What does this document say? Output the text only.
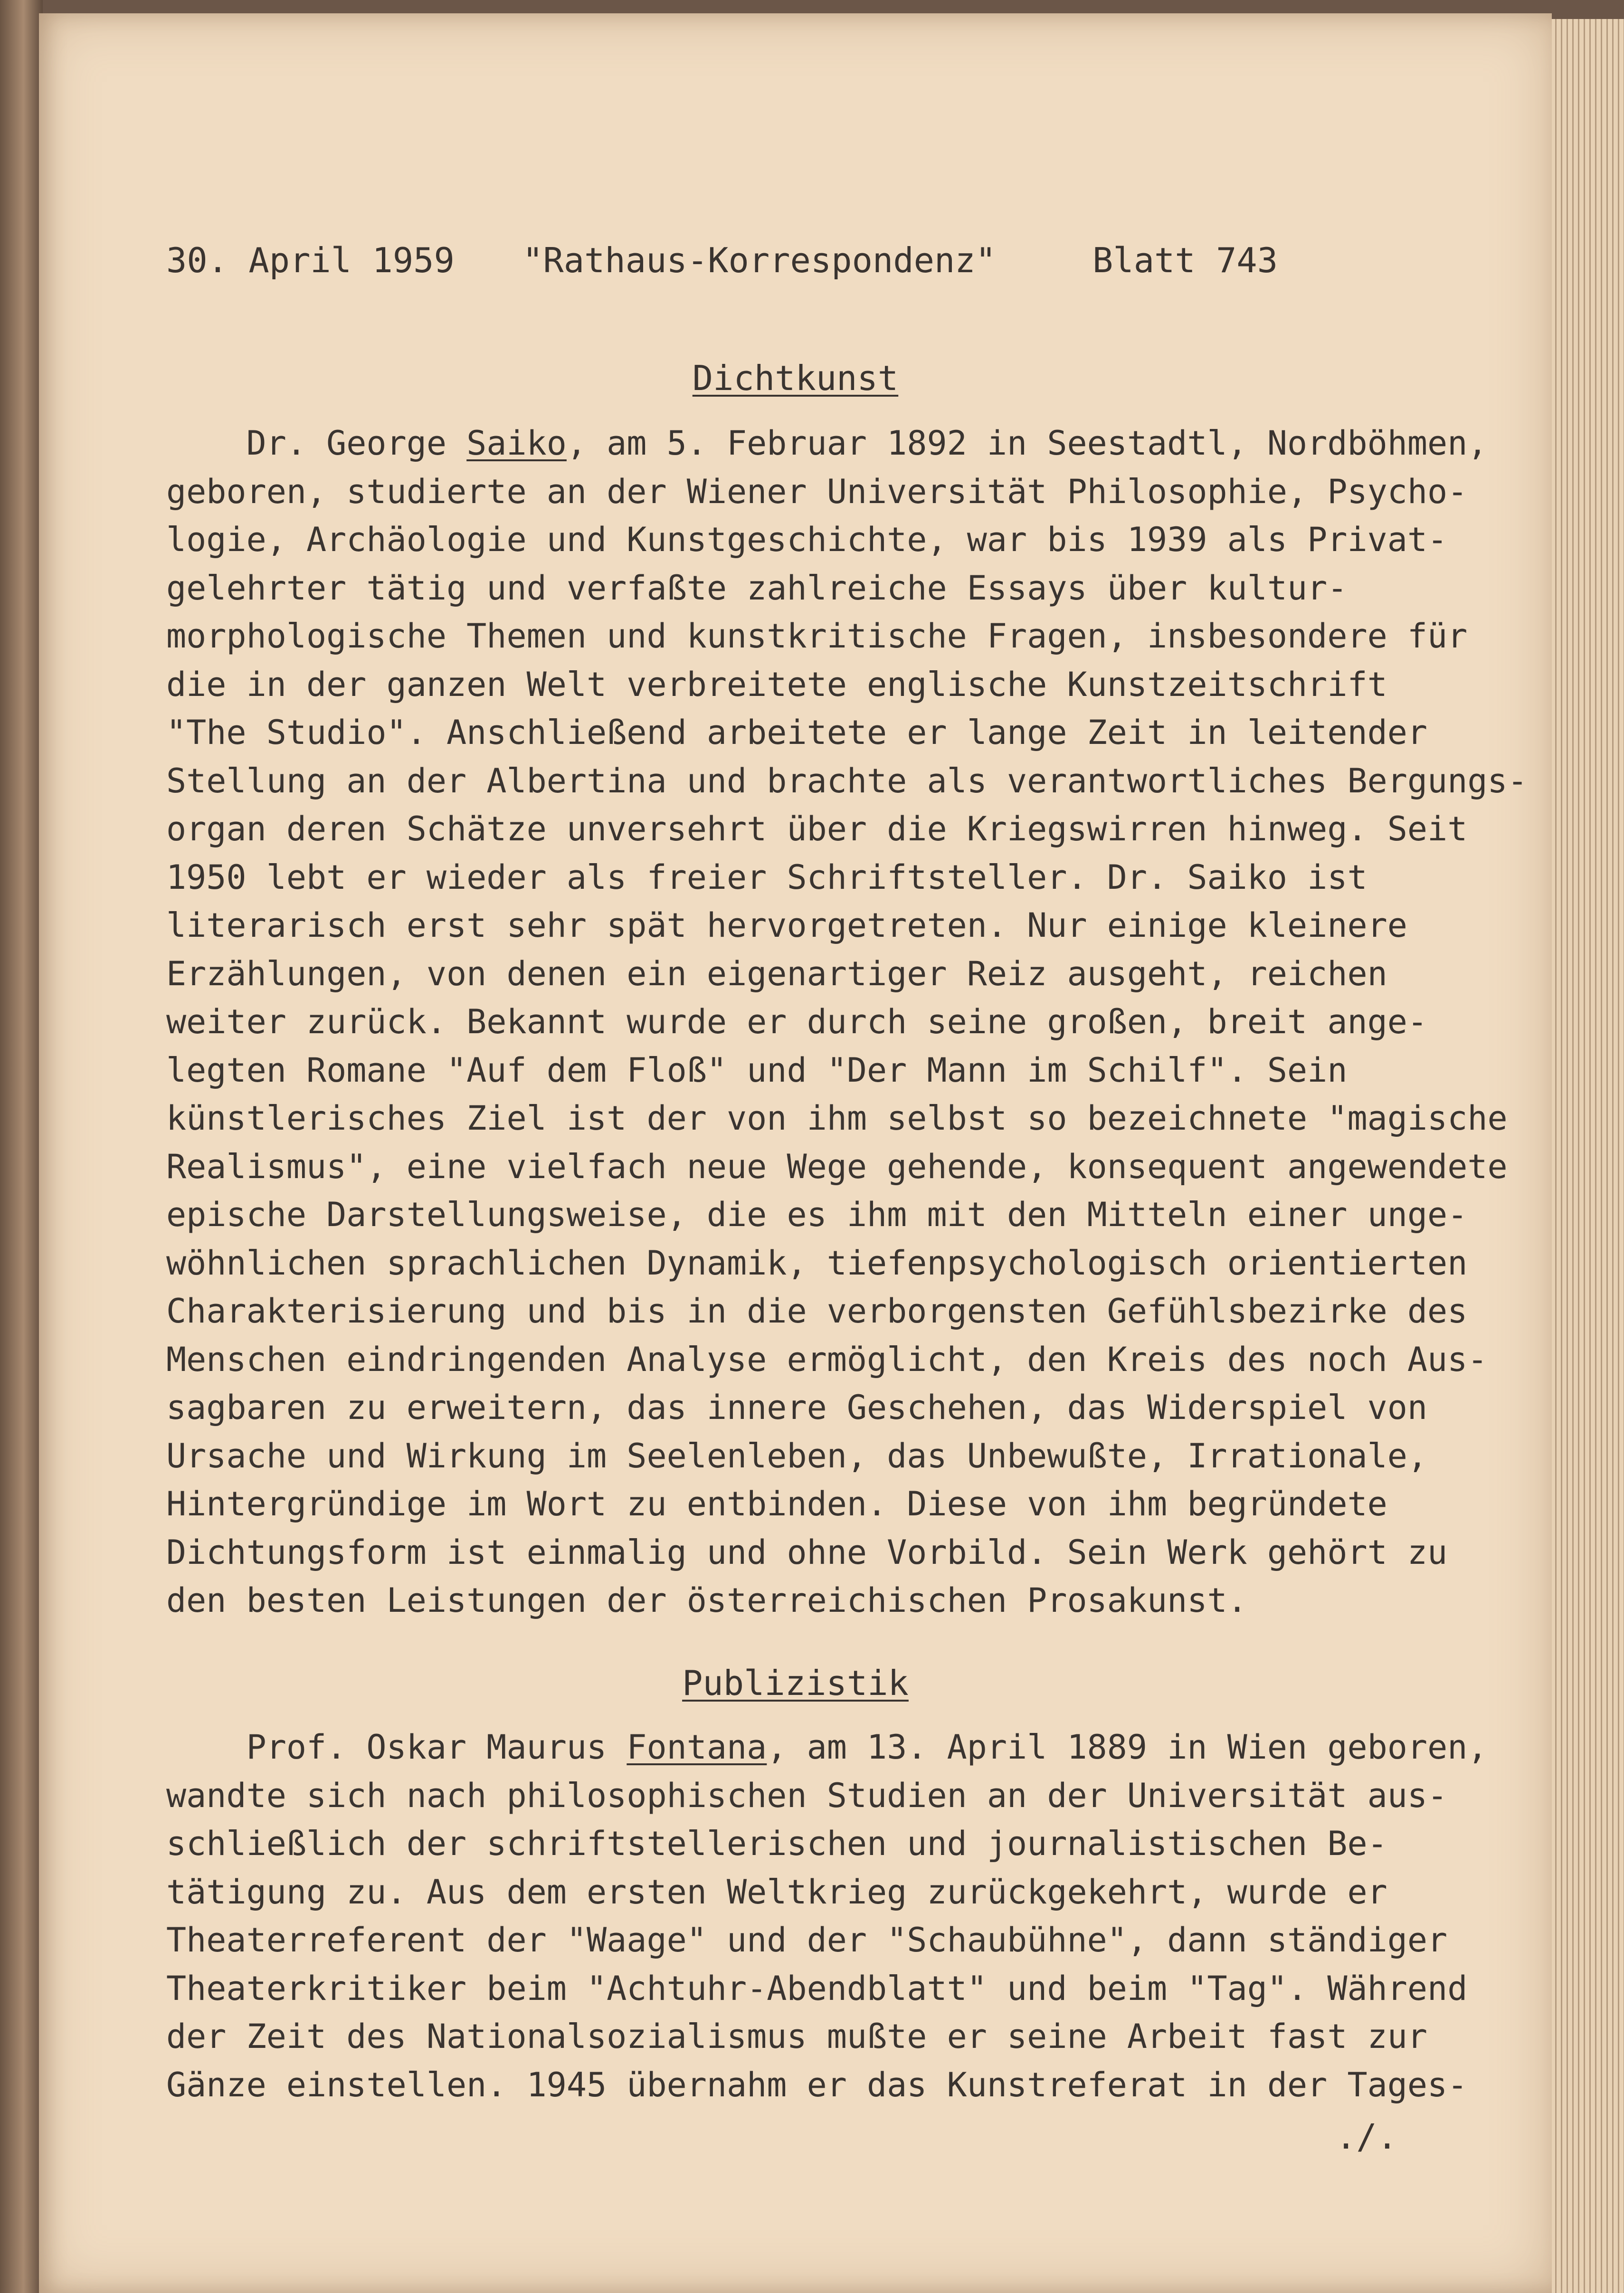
30. April 1959

"Rathaus-Korrespondenz"

	Blatt 743

Dichtkunst
Dr. George Saiko, am 5. Februar 1892 in Seestadtl, Nordböhmen,
geboren, studierte an der Wiener Universität Philosophie, Psycho-
logie, Archäologie und Kunstgeschichte, war bis 1939 als Privat-
gelehrter tätig und verfaßte zahlreiche Essays über kultur-
morphologische Themen und kunstkritische Fragen, insbesondere für
die in der ganzen Welt verbreitete englische Kunstzeitschrift
"The Studio". Anschließend arbeitete er lange Zeit in leitender
Stellung an der Albertina und brachte als verantwortliches Bergungs-
organ deren Schätze unversehrt über die Kriegswirren hinweg. Seit
1950 lebt er wieder als freier Schriftsteller. Dr. Saiko ist
literarisch erst sehr spät hervorgetreten. Nur einige kleinere
Erzählungen, von denen ein eigenartiger Reiz ausgeht, reichen
weiter zurück. Bekannt wurde er durch seine großen, breit ange-
legten Romane "Auf dem Floß" und "Der Mann im Schilf". Sein
künstlerisches Ziel ist der von ihm selbst so bezeichnete "magische
Realismus", eine vielfach neue Wege gehende, konsequent angewendete
epische Darstellungsweise, die es ihm mit den Mitteln einer unge-
wöhnlichen sprachlichen Dynamik, tiefenpsychologisch orientierten
Charakterisierung und bis in die verborgensten Gefühlsbezirke des
Menschen eindringenden Analyse ermöglicht, den Kreis des noch Aus-
sagbaren zu erweitern, das innere Geschehen, das Widerspiel von
Ursache und Wirkung im Seelenleben, das Unbewußte, Irrationale,
Hintergründige im Wort zu entbinden. Diese von ihm begründete
Dichtungsform ist einmalig und ohne Vorbild. Sein Werk gehört zu
den besten Leistungen der österreichischen Prosakunst.
Publizistik
Prof. Oskar Maurus Fontana, am 13. April 1889 in Wien geboren,
wandte sich nach philosophischen Studien an der Universität aus-
schließlich der schriftstellerischen und journalistischen Be-
tätigung zu. Aus dem ersten Weltkrieg zurückgekehrt, wurde er
Theaterreferent der "Waage" und der "Schaubühne", dann ständiger
Theaterkritiker beim "Achtuhr-Abendblatt" und beim "Tag". Während
der Zeit des Nationalsozialismus mußte er seine Arbeit fast zur
Gänze einstellen. 1945 übernahm er das Kunstreferat in der Tages-
./.
